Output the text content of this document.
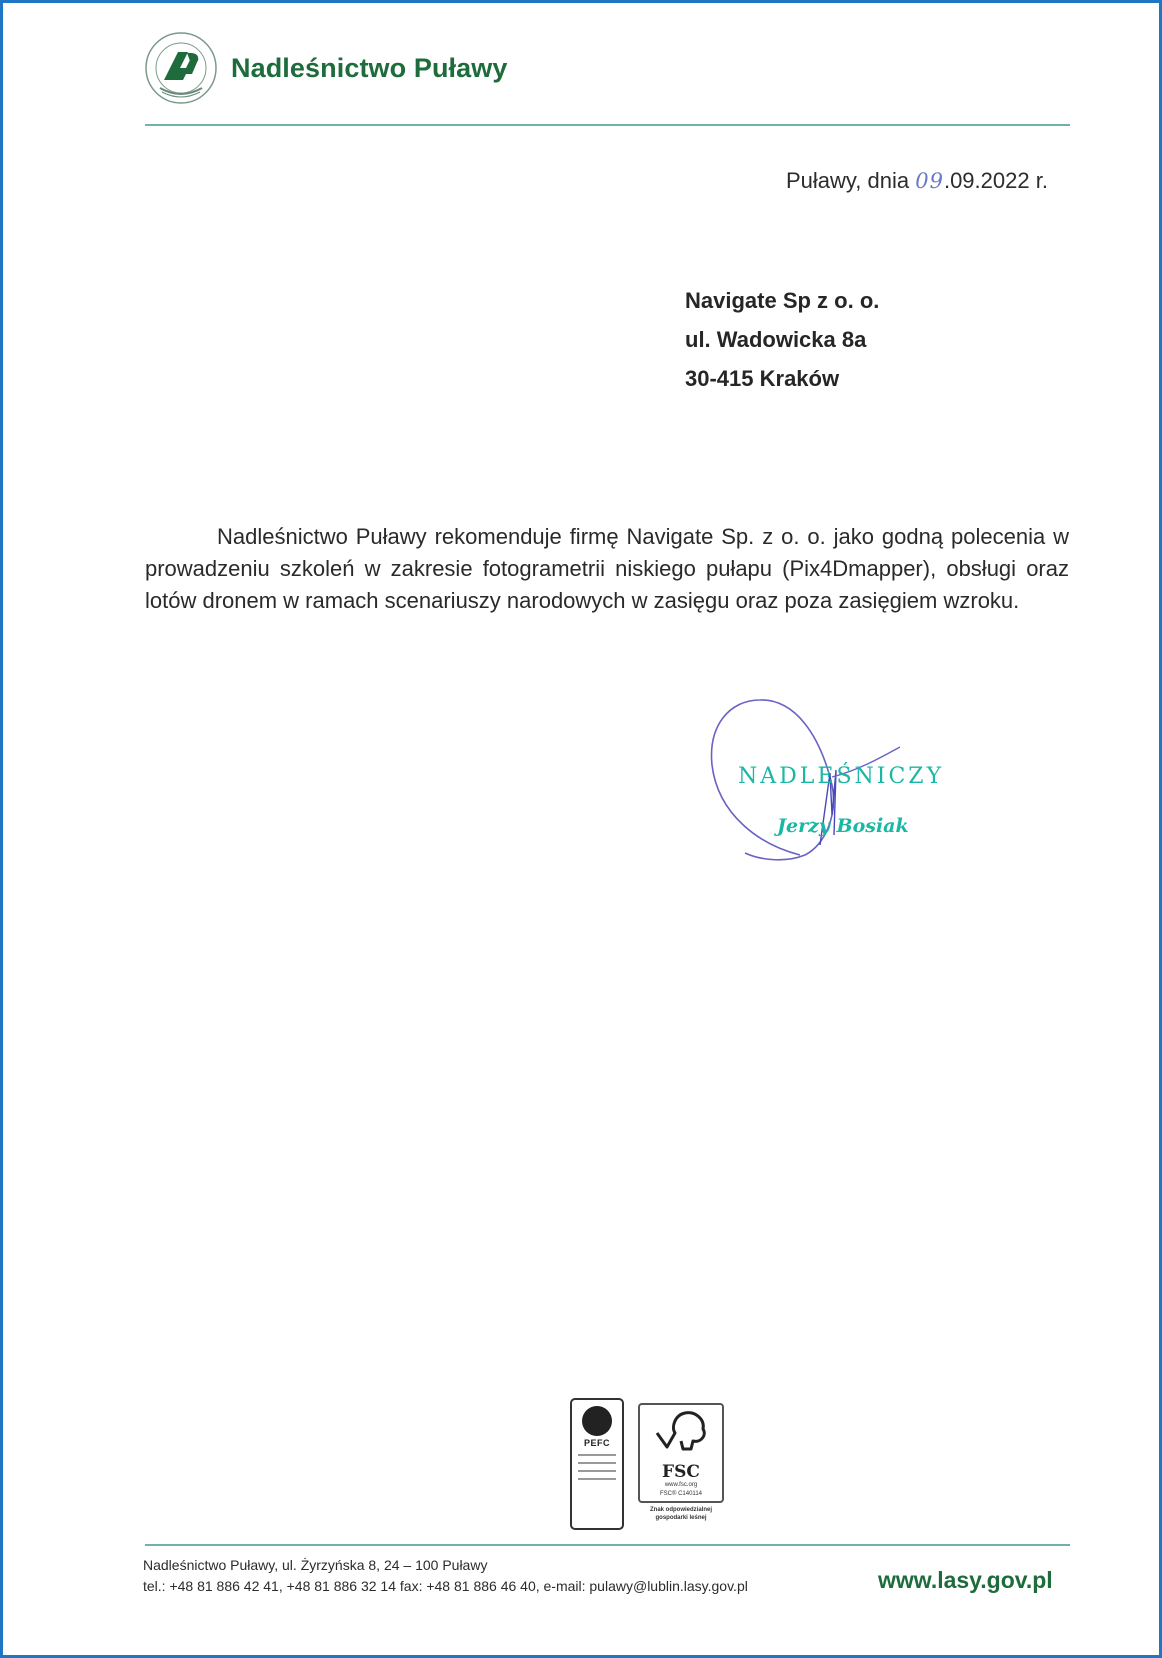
Nadleśnictwo Puławy
Puławy, dnia 09.09.2022 r.
Navigate Sp z o. o.
ul. Wadowicka 8a
30-415 Kraków
Nadleśnictwo Puławy rekomenduje firmę Navigate Sp. z o. o. jako godną polecenia w prowadzeniu szkoleń w zakresie fotogrametrii niskiego pułapu (Pix4Dmapper), obsługi oraz lotów dronem w ramach scenariuszy narodowych w zasięgu oraz poza zasięgiem wzroku.
NADLEŚNICZY
Jerzy Bosiak
PEFC
FSC
www.fsc.org
FSC® C140114
Znak odpowiedzialnej gospodarki leśnej
Nadleśnictwo Puławy, ul. Żyrzyńska 8, 24 – 100 Puławy
tel.: +48 81 886 42 41, +48 81 886 32 14 fax: +48 81 886 46 40, e-mail: pulawy@lublin.lasy.gov.pl	www.lasy.gov.pl
